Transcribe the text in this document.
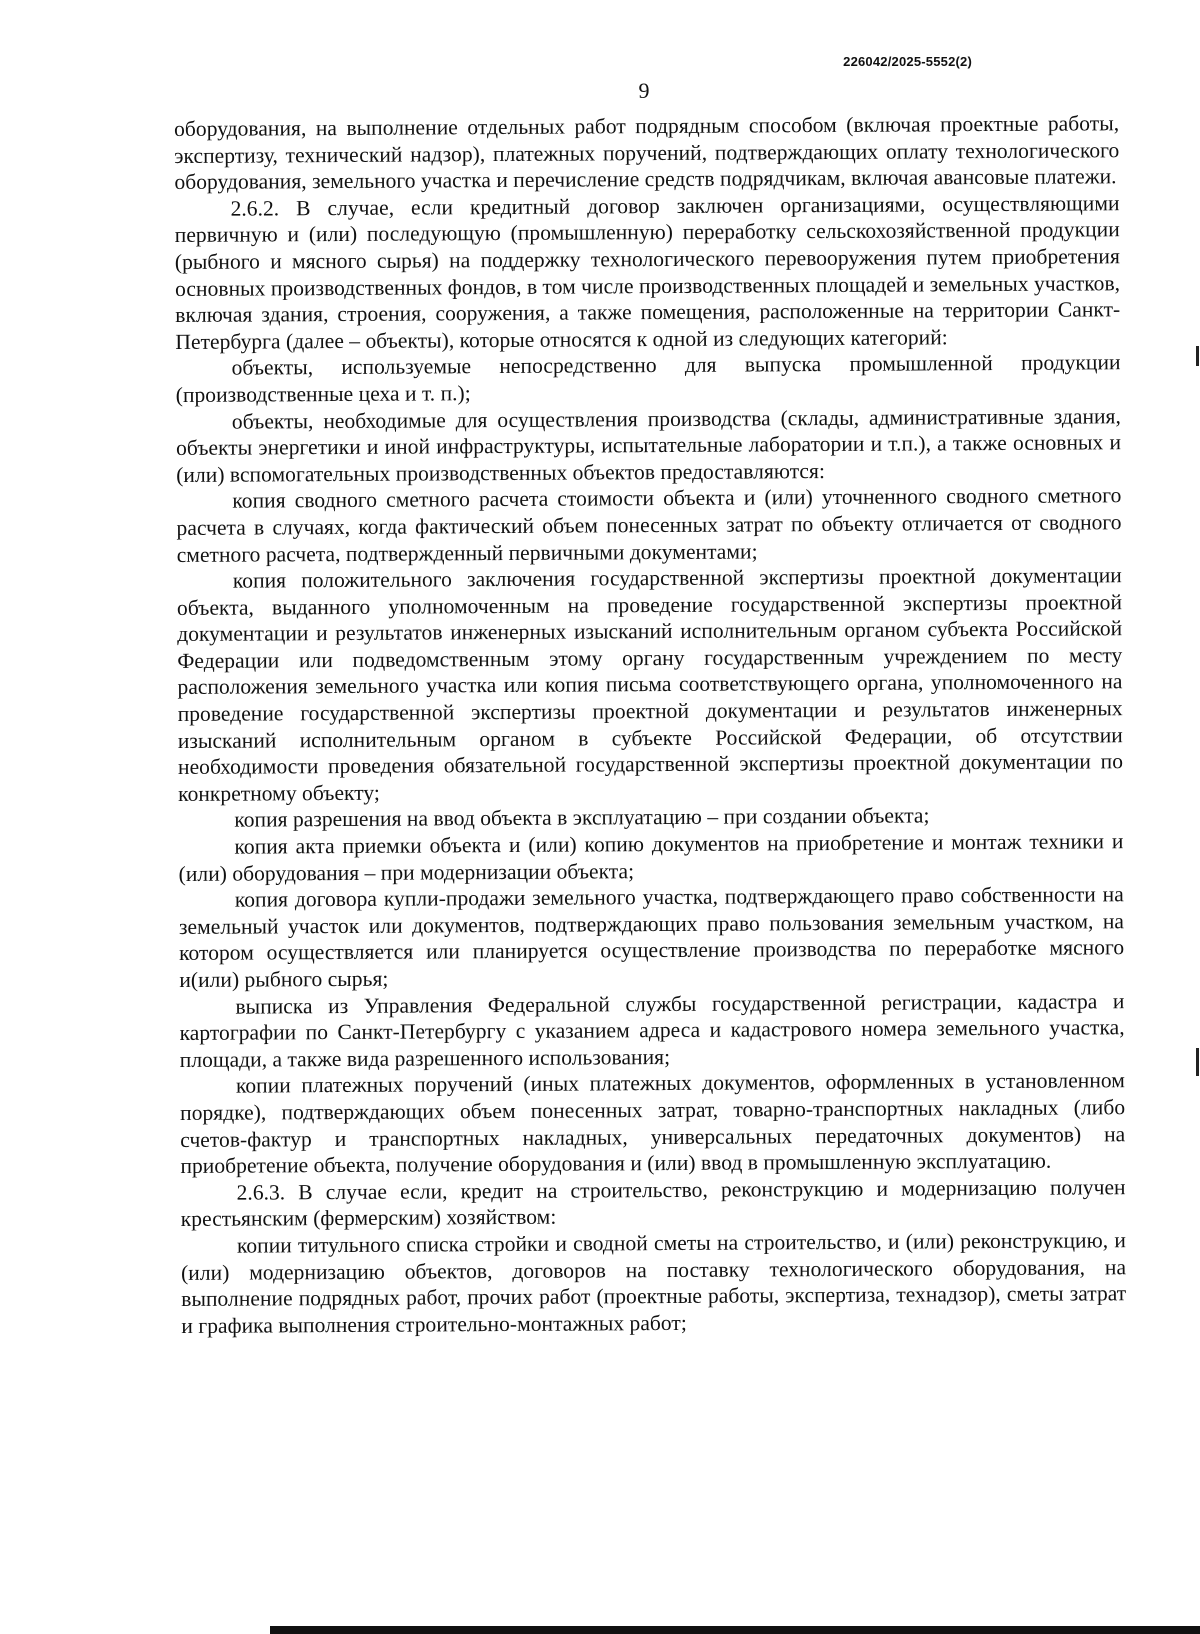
226042/2025-5552(2)
9

оборудования, на выполнение отдельных работ подрядным способом (включая проектные работы, экспертизу, технический надзор), платежных поручений, подтверждающих оплату технологического оборудования, земельного участка и перечисление средств подрядчикам, включая авансовые платежи.

2.6.2. В случае, если кредитный договор заключен организациями, осуществляющими первичную и (или) последующую (промышленную) переработку сельскохозяйственной продукции (рыбного и мясного сырья) на поддержку технологического перевооружения путем приобретения основных производственных фондов, в том числе производственных площадей и земельных участков, включая здания, строения, сооружения, а также помещения, расположенные на территории Санкт-Петербурга (далее – объекты), которые относятся к одной из следующих категорий:

объекты, используемые непосредственно для выпуска промышленной продукции (производственные цеха и т. п.);

объекты, необходимые для осуществления производства (склады, административные здания, объекты энергетики и иной инфраструктуры, испытательные лаборатории и т.п.), а также основных и (или) вспомогательных производственных объектов предоставляются:

копия сводного сметного расчета стоимости объекта и (или) уточненного сводного сметного расчета в случаях, когда фактический объем понесенных затрат по объекту отличается от сводного сметного расчета, подтвержденный первичными документами;

копия положительного заключения государственной экспертизы проектной документации объекта, выданного уполномоченным на проведение государственной экспертизы проектной документации и результатов инженерных изысканий исполнительным органом субъекта Российской Федерации или подведомственным этому органу государственным учреждением по месту расположения земельного участка или копия письма соответствующего органа, уполномоченного на проведение государственной экспертизы проектной документации и результатов инженерных изысканий исполнительным органом в субъекте Российской Федерации, об отсутствии необходимости проведения обязательной государственной экспертизы проектной документации по конкретному объекту;

копия разрешения на ввод объекта в эксплуатацию – при создании объекта;

копия акта приемки объекта и (или) копию документов на приобретение и монтаж техники и (или) оборудования – при модернизации объекта;

копия договора купли-продажи земельного участка, подтверждающего право собственности на земельный участок или документов, подтверждающих право пользования земельным участком, на котором осуществляется или планируется осуществление производства по переработке мясного и(или) рыбного сырья;

выписка из Управления Федеральной службы государственной регистрации, кадастра и картографии по Санкт-Петербургу с указанием адреса и кадастрового номера земельного участка, площади, а также вида разрешенного использования;

копии платежных поручений (иных платежных документов, оформленных в установленном порядке), подтверждающих объем понесенных затрат, товарно-транспортных накладных (либо счетов-фактур и транспортных накладных, универсальных передаточных документов) на приобретение объекта, получение оборудования и (или) ввод в промышленную эксплуатацию.

2.6.3. В случае если, кредит на строительство, реконструкцию и модернизацию получен крестьянским (фермерским) хозяйством:

копии титульного списка стройки и сводной сметы на строительство, и (или) реконструкцию, и (или) модернизацию объектов, договоров на поставку технологического оборудования, на выполнение подрядных работ, прочих работ (проектные работы, экспертиза, технадзор), сметы затрат и графика выполнения строительно-монтажных работ;
